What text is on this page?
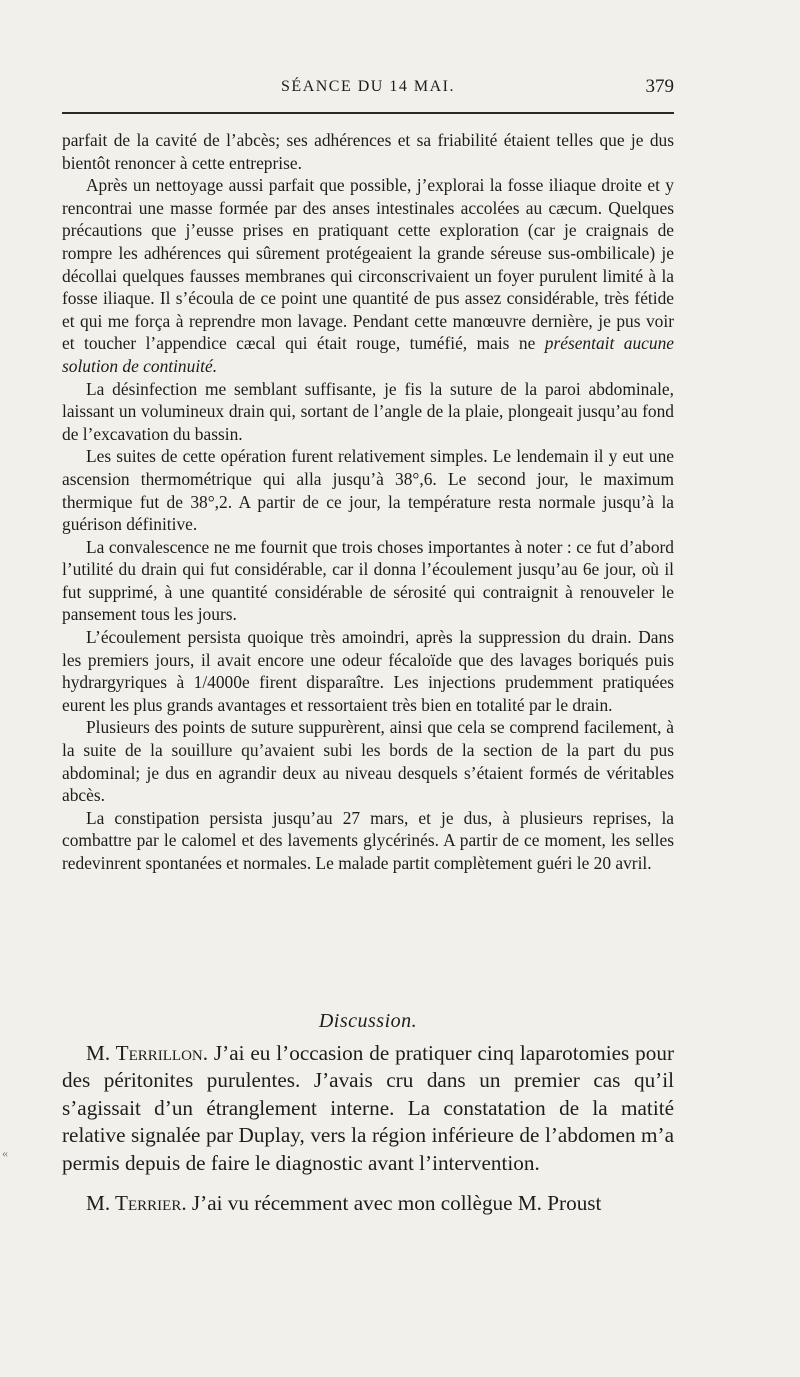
SÉANCE DU 14 MAI.	379

parfait de la cavité de l’abcès; ses adhérences et sa friabilité étaient telles que je dus bientôt renoncer à cette entreprise.

Après un nettoyage aussi parfait que possible, j’explorai la fosse iliaque droite et y rencontrai une masse formée par des anses intestinales accolées au cæcum. Quelques précautions que j’eusse prises en pratiquant cette exploration (car je craignais de rompre les adhérences qui sûrement protégeaient la grande séreuse sus-ombilicale) je décollai quelques fausses membranes qui circonscrivaient un foyer purulent limité à la fosse iliaque. Il s’écoula de ce point une quantité de pus assez considérable, très fétide et qui me força à reprendre mon lavage. Pendant cette manœuvre dernière, je pus voir et toucher l’appendice cæcal qui était rouge, tuméfié, mais ne présentait aucune solution de continuité.

La désinfection me semblant suffisante, je fis la suture de la paroi abdominale, laissant un volumineux drain qui, sortant de l’angle de la plaie, plongeait jusqu’au fond de l’excavation du bassin.

Les suites de cette opération furent relativement simples. Le lendemain il y eut une ascension thermométrique qui alla jusqu’à 38°,6. Le second jour, le maximum thermique fut de 38°,2. A partir de ce jour, la température resta normale jusqu’à la guérison définitive.

La convalescence ne me fournit que trois choses importantes à noter : ce fut d’abord l’utilité du drain qui fut considérable, car il donna l’écoulement jusqu’au 6e jour, où il fut supprimé, à une quantité considérable de sérosité qui contraignit à renouveler le pansement tous les jours.

L’écoulement persista quoique très amoindri, après la suppression du drain. Dans les premiers jours, il avait encore une odeur fécaloïde que des lavages boriqués puis hydrargyriques à 1/4000e firent disparaître. Les injections prudemment pratiquées eurent les plus grands avantages et ressortaient très bien en totalité par le drain.

Plusieurs des points de suture suppurèrent, ainsi que cela se comprend facilement, à la suite de la souillure qu’avaient subi les bords de la section de la part du pus abdominal; je dus en agrandir deux au niveau desquels s’étaient formés de véritables abcès.

La constipation persista jusqu’au 27 mars, et je dus, à plusieurs reprises, la combattre par le calomel et des lavements glycérinés. A partir de ce moment, les selles redevinrent spontanées et normales. Le malade partit complètement guéri le 20 avril.

Discussion.

M. Terrillon. J’ai eu l’occasion de pratiquer cinq laparotomies pour des péritonites purulentes. J’avais cru dans un premier cas qu’il s’agissait d’un étranglement interne. La constatation de la matité relative signalée par Duplay, vers la région inférieure de l’abdomen m’a permis depuis de faire le diagnostic avant l’intervention.

M. Terrier. J’ai vu récemment avec mon collègue M. Proust

«
